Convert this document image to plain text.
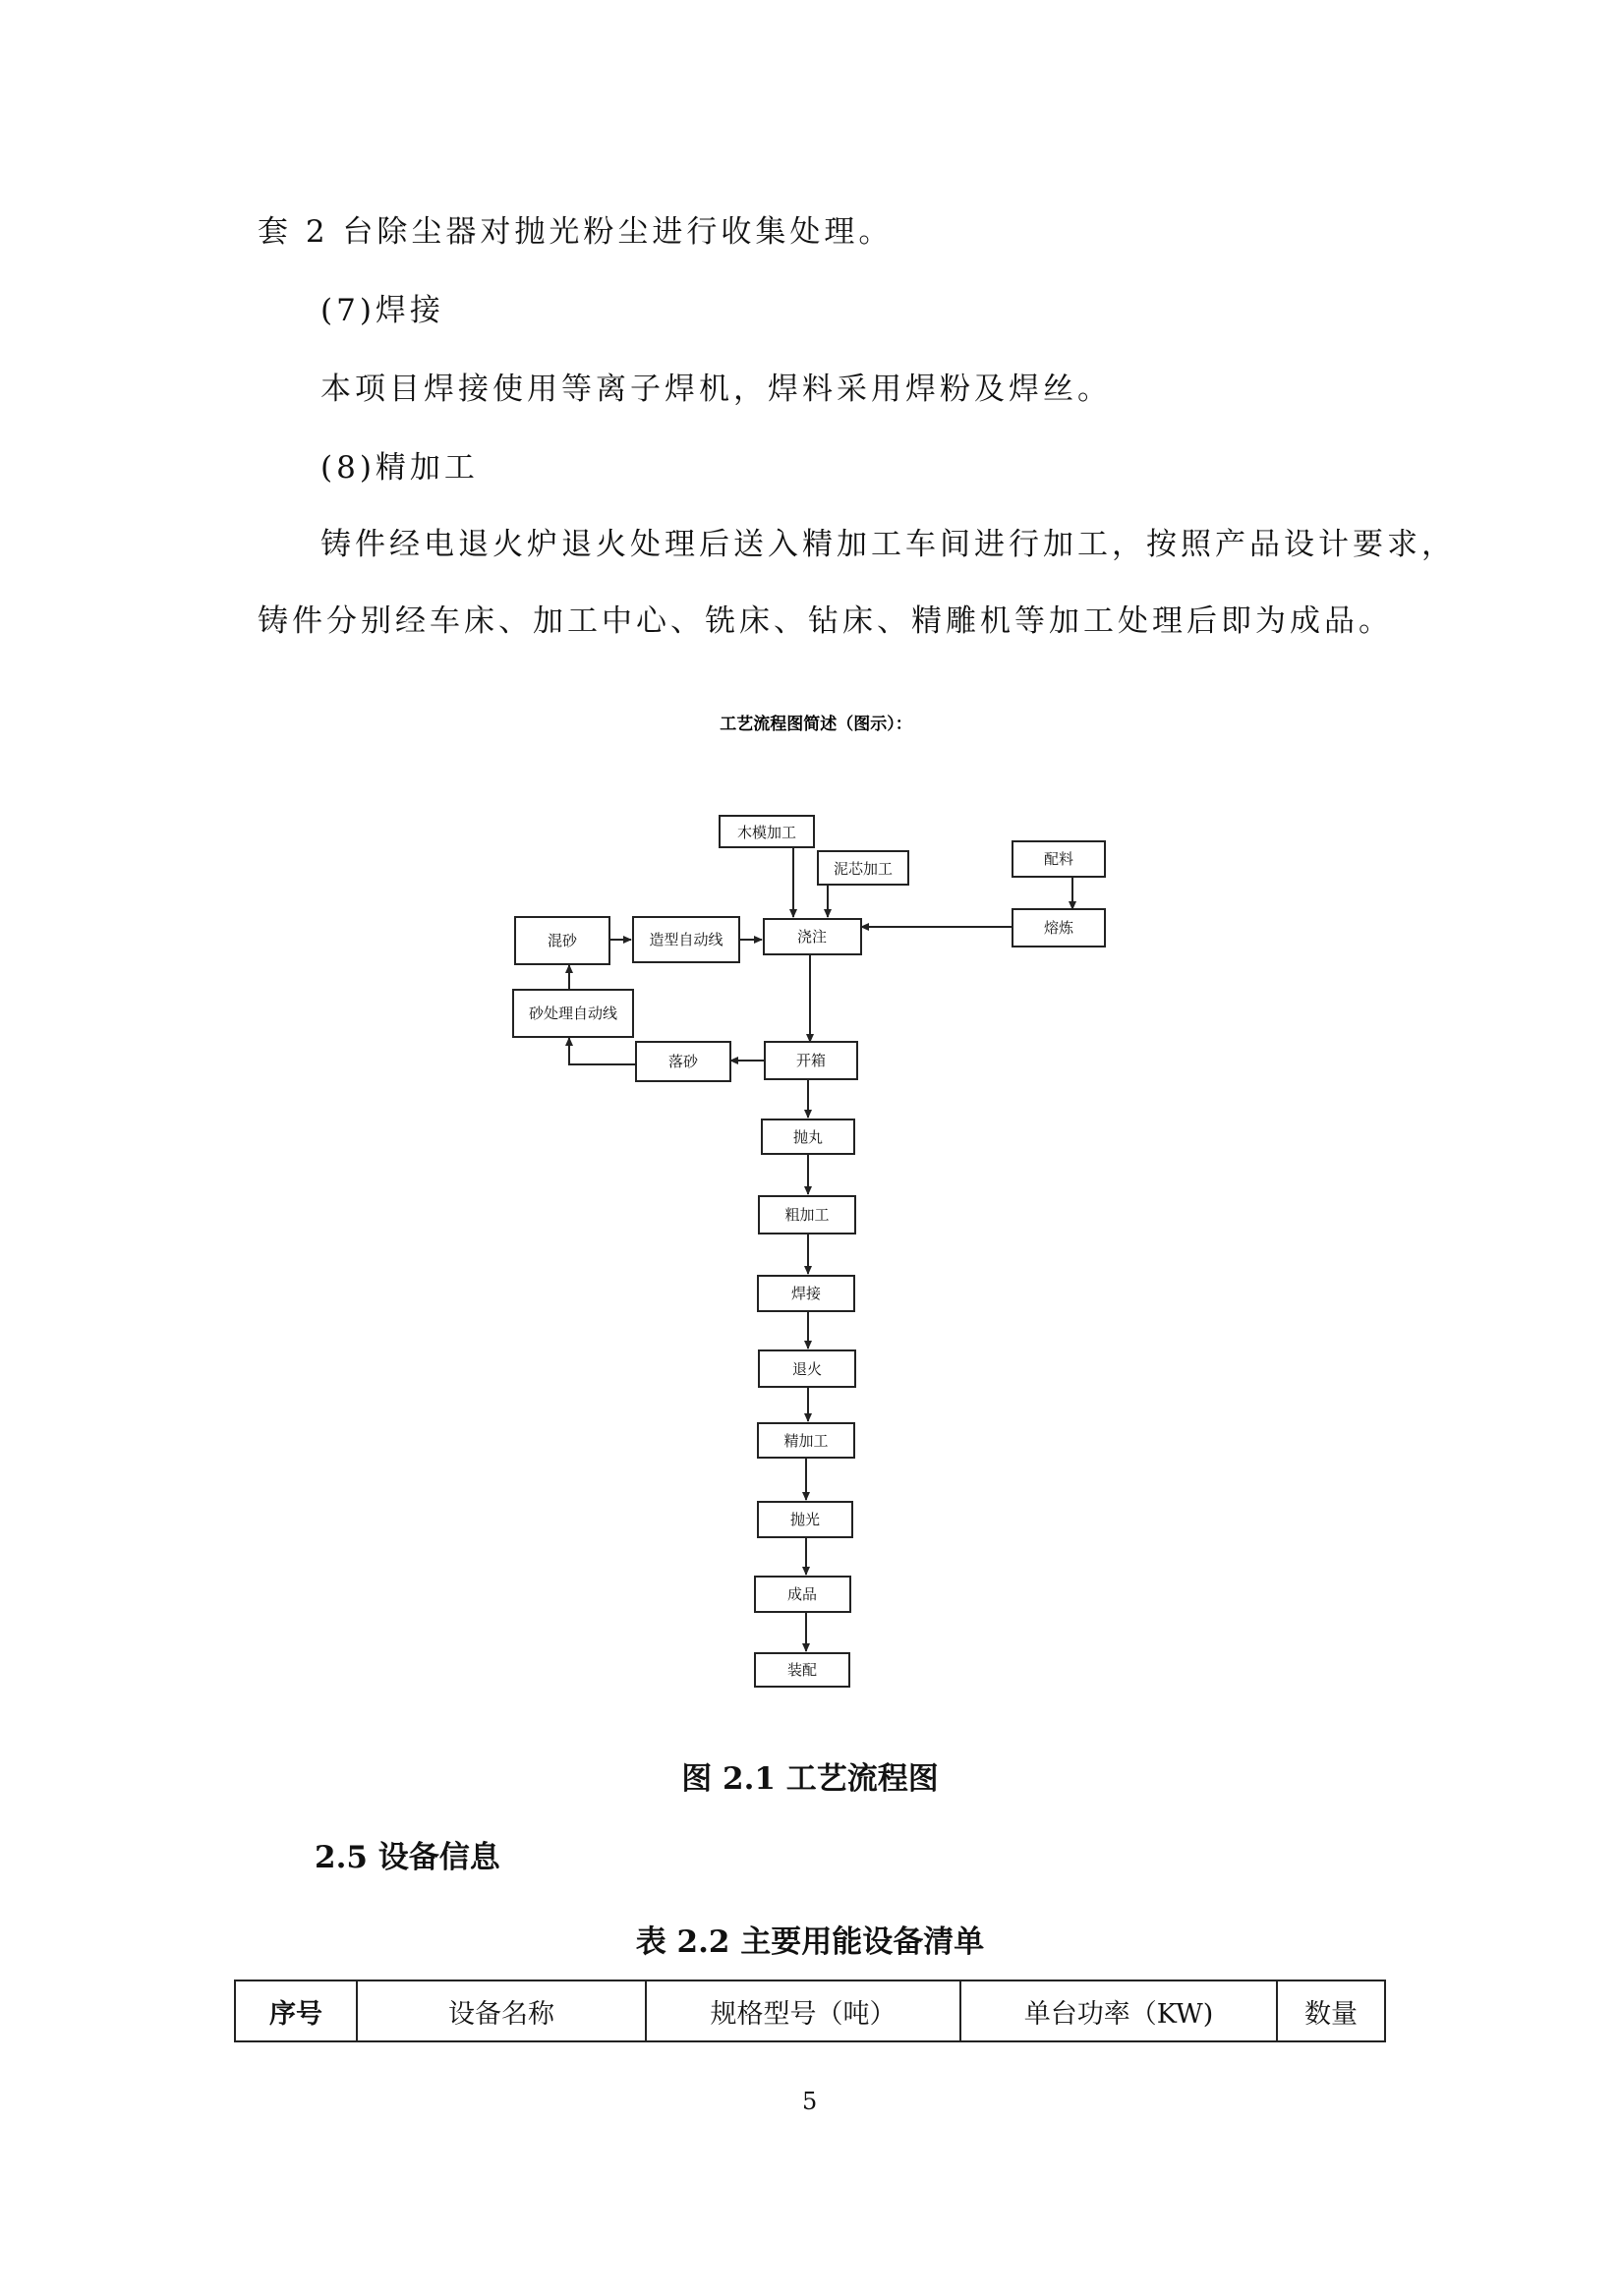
套 2 台除尘器对抛光粉尘进行收集处理。
(7)焊接
本项目焊接使用等离子焊机，焊料采用焊粉及焊丝。
(8)精加工
铸件经电退火炉退火处理后送入精加工车间进行加工，按照产品设计要求，
铸件分别经车床、加工中心、铣床、钻床、精雕机等加工处理后即为成品。
工艺流程图简述（图示）：
木模加工
泥芯加工
配料
熔炼
混砂	造型自动线	浇注
砂处理自动线
落砂	开箱
抛丸
粗加工
焊接
退火
精加工
抛光
成品
装配
图 2.1 工艺流程图
2.5 设备信息
表 2.2 主要用能设备清单
序号	设备名称	规格型号（吨）	单台功率（KW)	数量
5
